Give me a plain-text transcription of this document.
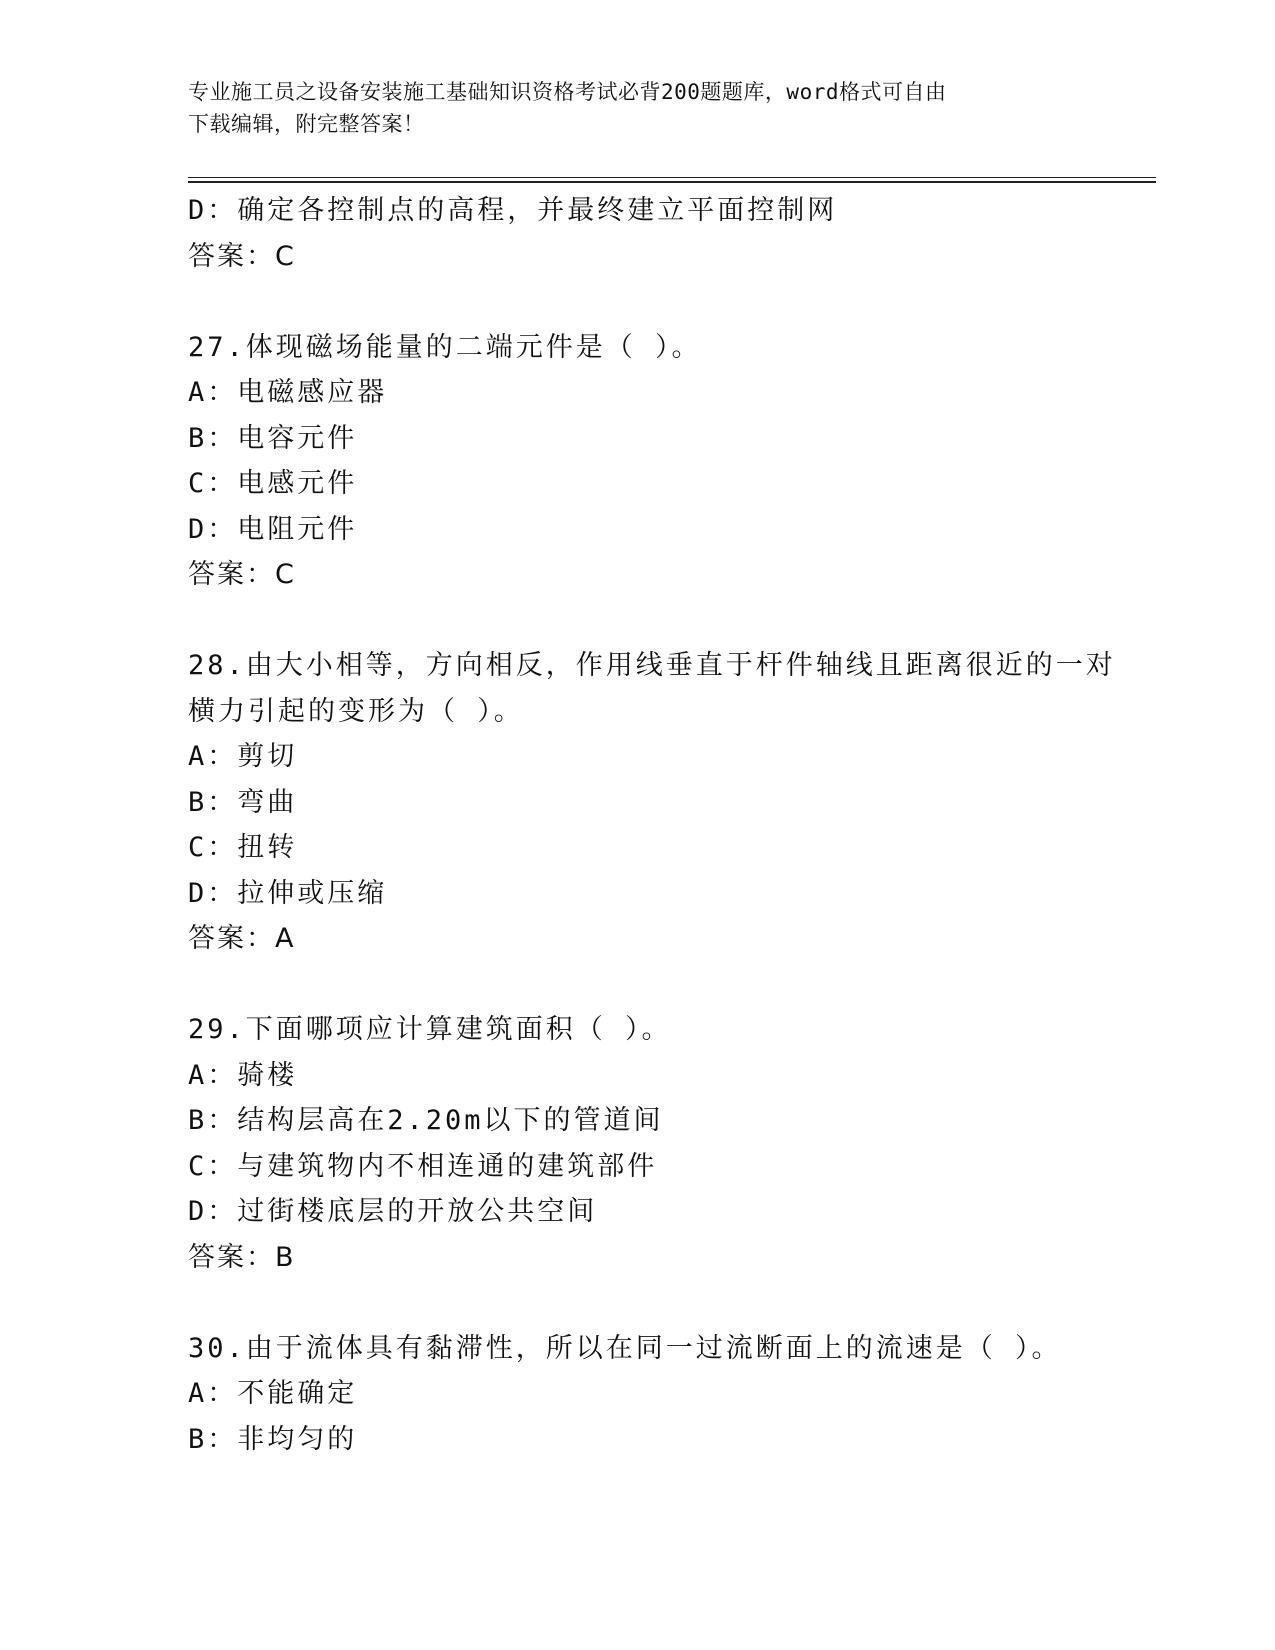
专业施工员之设备安装施工基础知识资格考试必背200题题库，word格式可自由
下载编辑，附完整答案！
D：确定各控制点的高程，并最终建立平面控制网
答案：C
27.体现磁场能量的二端元件是（ ）。
A：电磁感应器
B：电容元件
C：电感元件
D：电阻元件
答案：C
28.由大小相等，方向相反，作用线垂直于杆件轴线且距离很近的一对
横力引起的变形为（ ）。
A：剪切
B：弯曲
C：扭转
D：拉伸或压缩
答案：A
29.下面哪项应计算建筑面积（ ）。
A：骑楼
B：结构层高在2.20m以下的管道间
C：与建筑物内不相连通的建筑部件
D：过街楼底层的开放公共空间
答案：B
30.由于流体具有黏滞性，所以在同一过流断面上的流速是（ ）。
A：不能确定
B：非均匀的
